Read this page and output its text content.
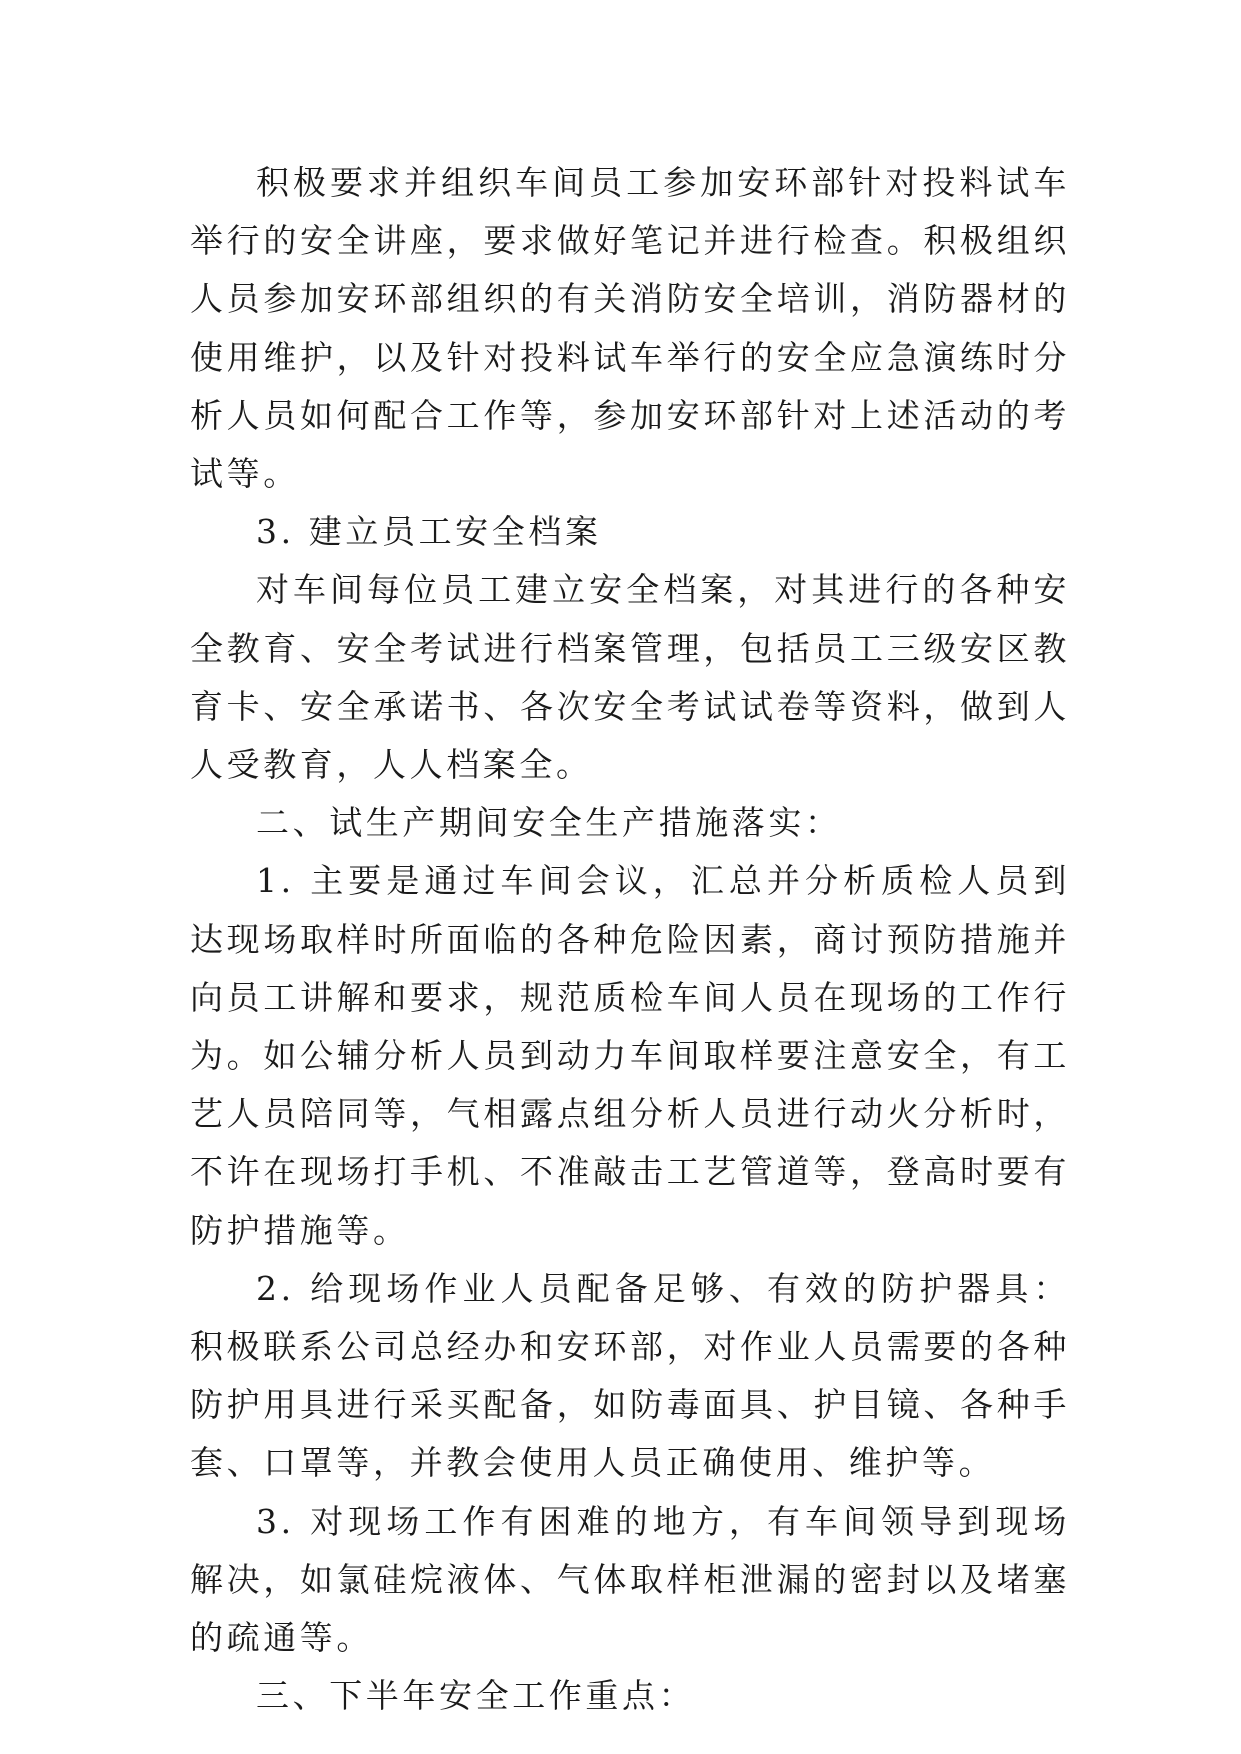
积极要求并组织车间员工参加安环部针对投料试车举行的安全讲座，要求做好笔记并进行检查。积极组织人员参加安环部组织的有关消防安全培训，消防器材的使用维护，以及针对投料试车举行的安全应急演练时分析人员如何配合工作等，参加安环部针对上述活动的考试等。

3. 建立员工安全档案

对车间每位员工建立安全档案，对其进行的各种安全教育、安全考试进行档案管理，包括员工三级安区教育卡、安全承诺书、各次安全考试试卷等资料，做到人人受教育，人人档案全。

二、试生产期间安全生产措施落实：

1. 主要是通过车间会议，汇总并分析质检人员到达现场取样时所面临的各种危险因素，商讨预防措施并向员工讲解和要求，规范质检车间人员在现场的工作行为。如公辅分析人员到动力车间取样要注意安全，有工艺人员陪同等，气相露点组分析人员进行动火分析时，不许在现场打手机、不准敲击工艺管道等，登高时要有防护措施等。

2. 给现场作业人员配备足够、有效的防护器具：积极联系公司总经办和安环部，对作业人员需要的各种防护用具进行采买配备，如防毒面具、护目镜、各种手套、口罩等，并教会使用人员正确使用、维护等。

3. 对现场工作有困难的地方，有车间领导到现场解决，如氯硅烷液体、气体取样柜泄漏的密封以及堵塞的疏通等。

三、下半年安全工作重点：
